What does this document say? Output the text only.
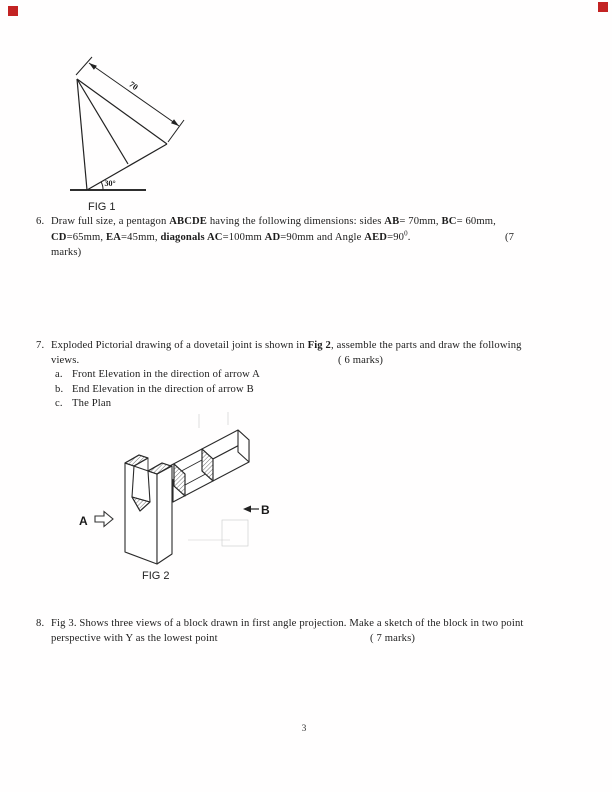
70
30°
FIG 1
6. Draw full size, a pentagon ABCDE having the following dimensions: sides AB= 70mm, BC= 60mm,
CD=65mm, EA=45mm, diagonals AC=100mm AD=90mm and Angle $AED=90^0$.	(7
marks)
7. Exploded Pictorial drawing of a dovetail joint is shown in Fig 2, assemble the parts and draw the following
views.	( 6 marks)
a. Front Elevation in the direction of arrow A
b. End Elevation in the direction of arrow B
c. The Plan
A
B
FIG 2
8. Fig 3. Shows three views of a block drawn in first angle projection. Make a sketch of the block in two point
perspective with Y as the lowest point	( 7 marks)
3
